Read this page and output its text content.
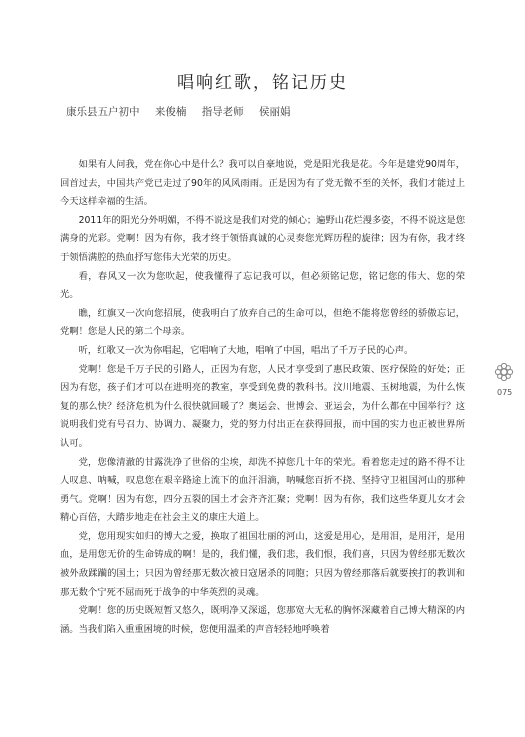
唱响红歌，铭记历史
康乐县五户初中 来俊楠 指导老师 侯丽娟

如果有人问我，党在你心中是什么？我可以自豪地说，党是阳光我是花。今年是建党90周年，回首过去，中国共产党已走过了90年的风风雨雨。正是因为有了党无微不至的关怀，我们才能过上今天这样幸福的生活。

2011年的阳光分外明媚，不得不说这是我们对党的倾心；遍野山花烂漫多姿，不得不说这是您满身的光彩。党啊！因为有你，我才终于领悟真诚的心灵奏您光辉历程的旋律；因为有你，我才终于领悟满腔的热血抒写您伟大光荣的历史。

看，春风又一次为您吹起，使我懂得了忘记我可以，但必须铭记您，铭记您的伟大、您的荣光。

瞧，红旗又一次向您招展，使我明白了放弃自己的生命可以，但绝不能将您曾经的骄傲忘记，党啊！您是人民的第二个母亲。

听，红歌又一次为你唱起，它唱响了大地，唱响了中国，唱出了千万子民的心声。

党啊！您是千万子民的引路人，正因为有您，人民才享受到了惠民政策、医疗保险的好处；正因为有您，孩子们才可以在进明亮的教室，享受到免费的教科书。汶川地震、玉树地震，为什么恢复的那么快？经济危机为什么很快就回暖了？奥运会、世博会、亚运会，为什么都在中国举行？这说明我们党有号召力、协调力、凝聚力，党的努力付出正在获得回报，而中国的实力也正被世界所认可。

党，您像清澈的甘露洗净了世俗的尘埃，却洗不掉您几十年的荣光。看着您走过的路不得不让人叹息、呐喊，叹息您在艰辛路途上流下的血汗泪滴，呐喊您百折不挠、坚持守卫祖国河山的那种勇气。党啊！因为有您，四分五裂的国土才会齐齐汇聚；党啊！因为有你，我们这些华夏儿女才会精心百倍，大踏步地走在社会主义的康庄大道上。

党，您用现实如归的博大之爱，换取了祖国壮丽的河山，这爱是用心，是用泪，是用汗，是用血，是用您无价的生命铸成的啊！是的，我们懂，我们悲，我们恨，我们喜，只因为曾经那无数次被外敌蹂躏的国土；只因为曾经那无数次被日寇屠杀的同胞；只因为曾经那落后就要挨打的教训和那无数个宁死不屈而死于战争的中华英烈的灵魂。

党啊！您的历史既短暂又悠久，既明净又深遥，您那宽大无私的胸怀深藏着自己博大精深的内涵。当我们陷入重重困境的时候，您便用温柔的声音轻轻地呼唤着

075
